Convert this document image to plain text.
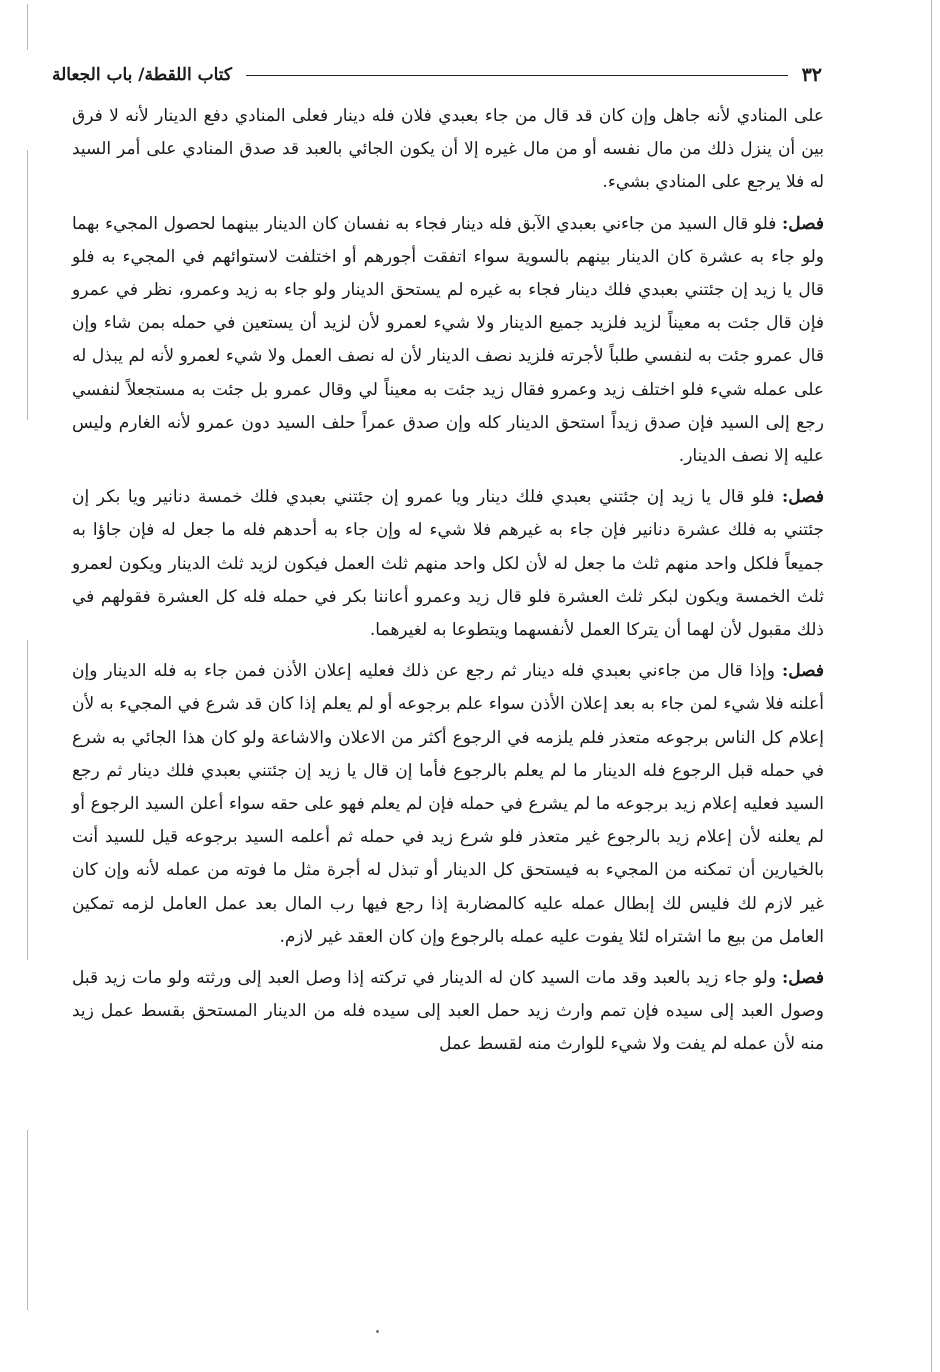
٣٢
كتاب اللقطة/ باب الجعالة

على المنادي لأنه جاهل وإن كان قد قال من جاء بعبدي فلان فله دينار فعلى المنادي دفع الدينار لأنه لا فرق بين أن ينزل ذلك من مال نفسه أو من مال غيره إلا أن يكون الجائي بالعبد قد صدق المنادي على أمر السيد له فلا يرجع على المنادي بشيء.

فصل: فلو قال السيد من جاءني بعبدي الآبق فله دينار فجاء به نفسان كان الدينار بينهما لحصول المجيء بهما ولو جاء به عشرة كان الدينار بينهم بالسوية سواء اتفقت أجورهم أو اختلفت لاستوائهم في المجيء به فلو قال يا زيد إن جئتني بعبدي فلك دينار فجاء به غيره لم يستحق الدينار ولو جاء به زيد وعمرو، نظر في عمرو فإن قال جئت به معيناً لزيد فلزيد جميع الدينار ولا شيء لعمرو لأن لزيد أن يستعين في حمله بمن شاء وإن قال عمرو جئت به لنفسي طلباً لأجرته فلزيد نصف الدينار لأن له نصف العمل ولا شيء لعمرو لأنه لم يبذل له على عمله شيء فلو اختلف زيد وعمرو فقال زيد جئت به معيناً لي وقال عمرو بل جئت به مستجعلاً لنفسي رجع إلى السيد فإن صدق زيداً استحق الدينار كله وإن صدق عمراً حلف السيد دون عمرو لأنه الغارم وليس عليه إلا نصف الدينار.

فصل: فلو قال يا زيد إن جئتني بعبدي فلك دينار ويا عمرو إن جئتني بعبدي فلك خمسة دنانير ويا بكر إن جئتني به فلك عشرة دنانير فإن جاء به غيرهم فلا شيء له وإن جاء به أحدهم فله ما جعل له فإن جاؤا به جميعاً فلكل واحد منهم ثلث ما جعل له لأن لكل واحد منهم ثلث العمل فيكون لزيد ثلث الدينار ويكون لعمرو ثلث الخمسة ويكون لبكر ثلث العشرة فلو قال زيد وعمرو أعاننا بكر في حمله فله كل العشرة فقولهم في ذلك مقبول لأن لهما أن يتركا العمل لأنفسهما ويتطوعا به لغيرهما.

فصل: وإذا قال من جاءني بعبدي فله دينار ثم رجع عن ذلك فعليه إعلان الأذن فمن جاء به فله الدينار وإن أعلنه فلا شيء لمن جاء به بعد إعلان الأذن سواء علم برجوعه أو لم يعلم إذا كان قد شرع في المجيء به لأن إعلام كل الناس برجوعه متعذر فلم يلزمه في الرجوع أكثر من الاعلان والاشاعة ولو كان هذا الجائي به شرع في حمله قبل الرجوع فله الدينار ما لم يعلم بالرجوع فأما إن قال يا زيد إن جئتني بعبدي فلك دينار ثم رجع السيد فعليه إعلام زيد برجوعه ما لم يشرع في حمله فإن لم يعلم فهو على حقه سواء أعلن السيد الرجوع أو لم يعلنه لأن إعلام زيد بالرجوع غير متعذر فلو شرع زيد في حمله ثم أعلمه السيد برجوعه قيل للسيد أنت بالخيارين أن تمكنه من المجيء به فيستحق كل الدينار أو تبذل له أجرة مثل ما فوته من عمله لأنه وإن كان غير لازم لك فليس لك إبطال عمله عليه كالمضاربة إذا رجع فيها رب المال بعد عمل العامل لزمه تمكين العامل من بيع ما اشتراه لئلا يفوت عليه عمله بالرجوع وإن كان العقد غير لازم.

فصل: ولو جاء زيد بالعبد وقد مات السيد كان له الدينار في تركته إذا وصل العبد إلى ورثته ولو مات زيد قبل وصول العبد إلى سيده فإن تمم وارث زيد حمل العبد إلى سيده فله من الدينار المستحق بقسط عمل زيد منه لأن عمله لم يفت ولا شيء للوارث منه لقسط عمل
